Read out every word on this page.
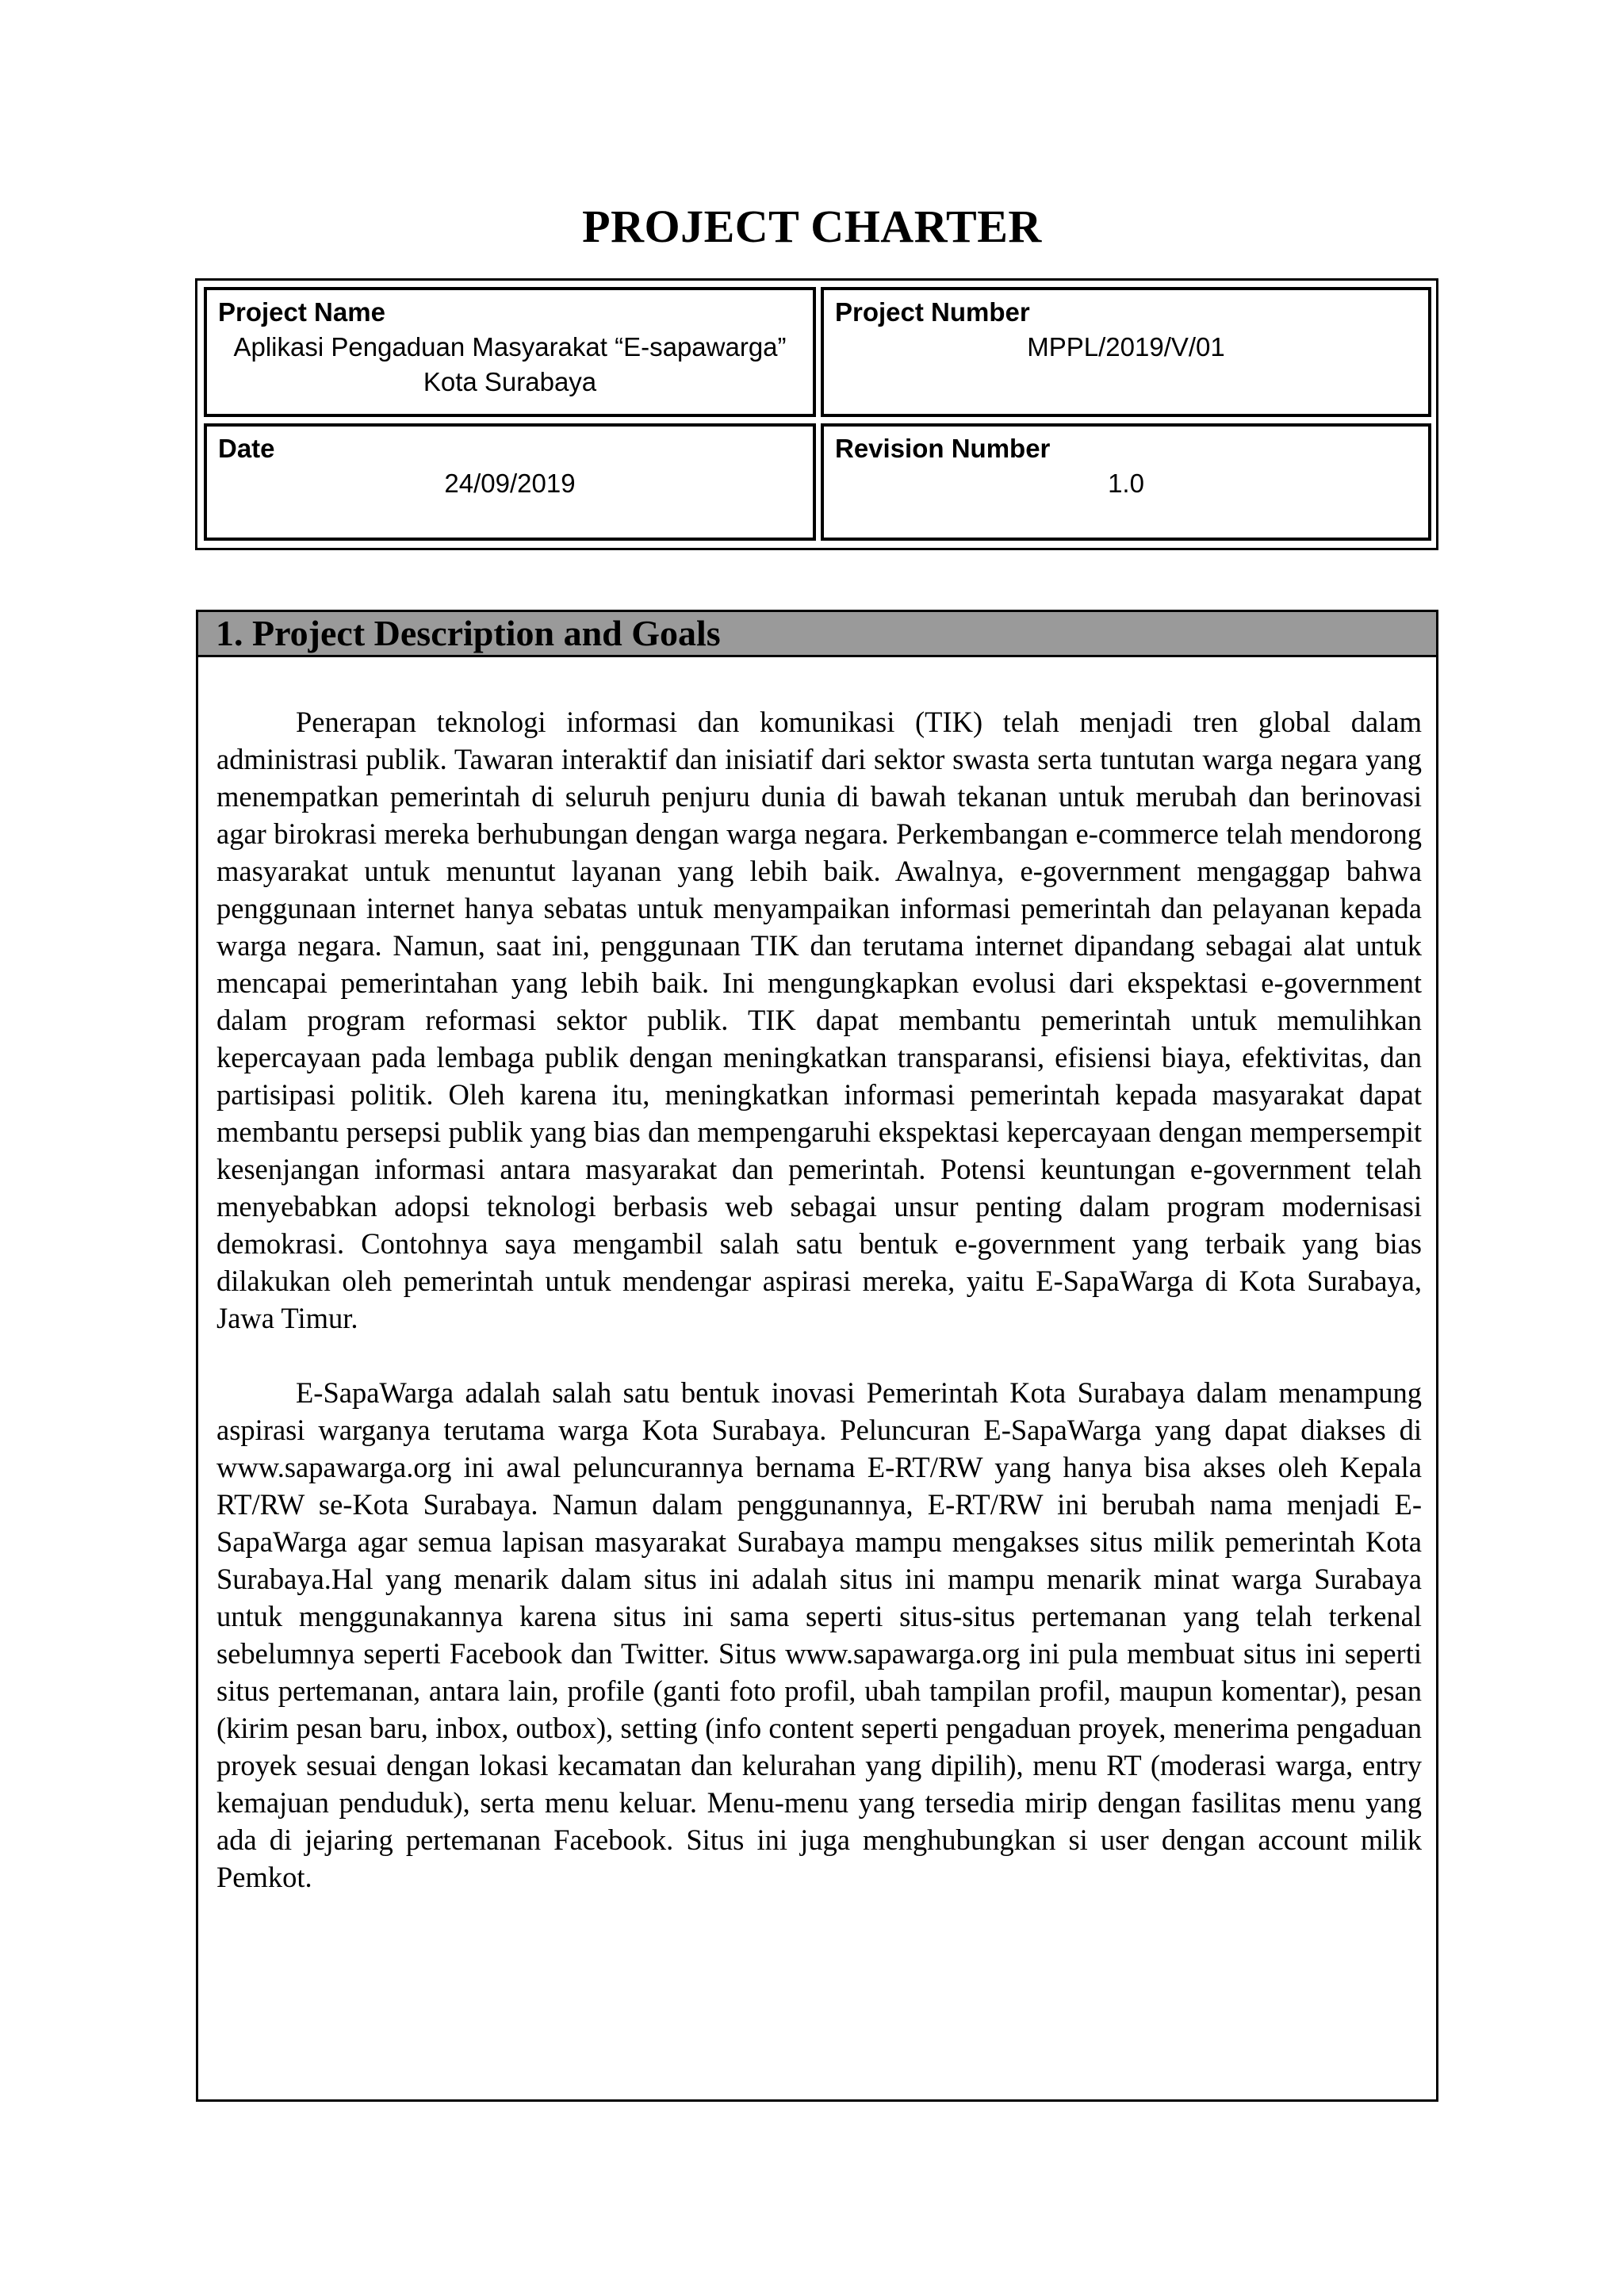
PROJECT CHARTER
Project Name
Aplikasi Pengaduan Masyarakat “E-sapawarga” Kota Surabaya
Project Number
MPPL/2019/V/01
Date
24/09/2019
Revision Number
1.0
1. Project Description and Goals

Penerapan teknologi informasi dan komunikasi (TIK) telah menjadi tren global dalam administrasi publik. Tawaran interaktif dan inisiatif dari sektor swasta serta tuntutan warga negara yang menempatkan pemerintah di seluruh penjuru dunia di bawah tekanan untuk merubah dan berinovasi agar birokrasi mereka berhubungan dengan warga negara. Perkembangan e-commerce telah mendorong masyarakat untuk menuntut layanan yang lebih baik. Awalnya, e-government mengaggap bahwa penggunaan internet hanya sebatas untuk menyampaikan informasi pemerintah dan pelayanan kepada warga negara. Namun, saat ini, penggunaan TIK dan terutama internet dipandang sebagai alat untuk mencapai pemerintahan yang lebih baik. Ini mengungkapkan evolusi dari ekspektasi e-government dalam program reformasi sektor publik. TIK dapat membantu pemerintah untuk memulihkan kepercayaan pada lembaga publik dengan meningkatkan transparansi, efisiensi biaya, efektivitas, dan partisipasi politik. Oleh karena itu, meningkatkan informasi pemerintah kepada masyarakat dapat membantu persepsi publik yang bias dan mempengaruhi ekspektasi kepercayaan dengan mempersempit kesenjangan informasi antara masyarakat dan pemerintah. Potensi keuntungan e-government telah menyebabkan adopsi teknologi berbasis web sebagai unsur penting dalam program modernisasi demokrasi. Contohnya saya mengambil salah satu bentuk e-government yang terbaik yang bias dilakukan oleh pemerintah untuk mendengar aspirasi mereka, yaitu E-SapaWarga di Kota Surabaya, Jawa Timur.

E-SapaWarga adalah salah satu bentuk inovasi Pemerintah Kota Surabaya dalam menampung aspirasi warganya terutama warga Kota Surabaya. Peluncuran E-SapaWarga yang dapat diakses di www.sapawarga.org ini awal peluncurannya bernama E-RT/RW yang hanya bisa akses oleh Kepala RT/RW se-Kota Surabaya. Namun dalam penggunannya, E-RT/RW ini berubah nama menjadi E-SapaWarga agar semua lapisan masyarakat Surabaya mampu mengakses situs milik pemerintah Kota Surabaya.Hal yang menarik dalam situs ini adalah situs ini mampu menarik minat warga Surabaya untuk menggunakannya karena situs ini sama seperti situs-situs pertemanan yang telah terkenal sebelumnya seperti Facebook dan Twitter. Situs www.sapawarga.org ini pula membuat situs ini seperti situs pertemanan, antara lain, profile (ganti foto profil, ubah tampilan profil, maupun komentar), pesan (kirim pesan baru, inbox, outbox), setting (info content seperti pengaduan proyek, menerima pengaduan proyek sesuai dengan lokasi kecamatan dan kelurahan yang dipilih), menu RT (moderasi warga, entry kemajuan penduduk), serta menu keluar. Menu-menu yang tersedia mirip dengan fasilitas menu yang ada di jejaring pertemanan Facebook. Situs ini juga menghubungkan si user dengan account milik Pemkot.
